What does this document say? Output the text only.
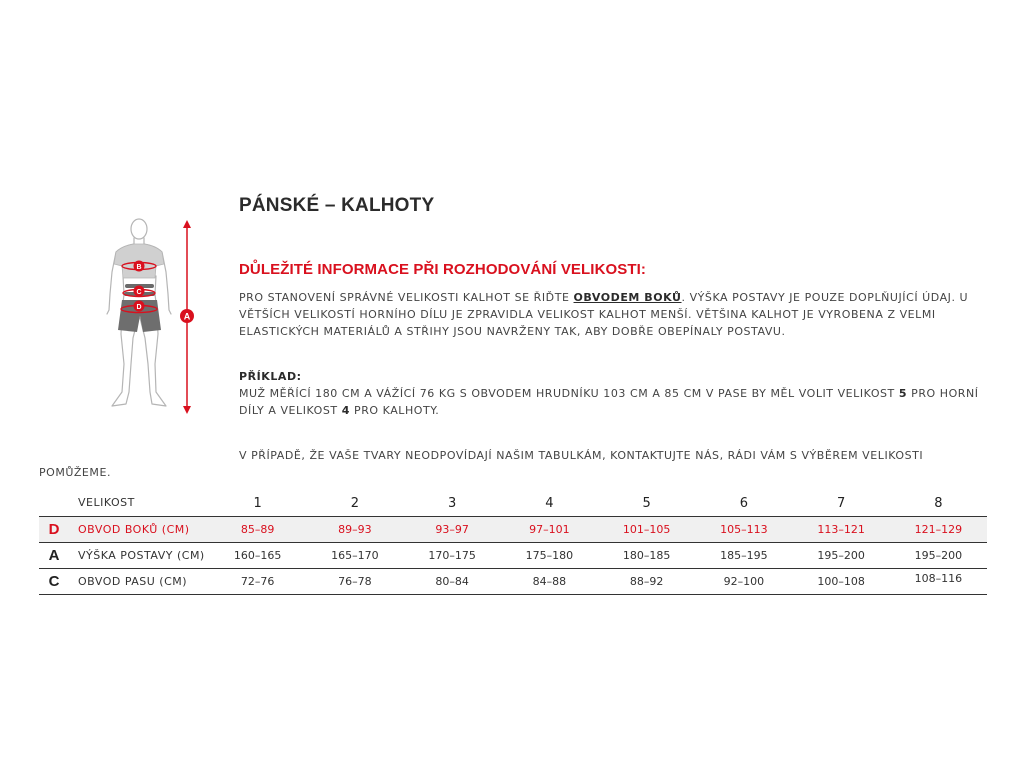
B
C
D
A
PÁNSKÉ – KALHOTY
DŮLEŽITÉ INFORMACE PŘI ROZHODOVÁNÍ VELIKOSTI:
PRO STANOVENÍ SPRÁVNÉ VELIKOSTI KALHOT SE ŘIĎTE OBVODEM BOKŮ. VÝŠKA POSTAVY JE POUZE DOPLŇUJÍCÍ ÚDAJ. U VĚTŠÍCH VELIKOSTÍ HORNÍHO DÍLU JE ZPRAVIDLA VELIKOST KALHOT MENŠÍ. VĚTŠINA KALHOT JE VYROBENA Z VELMI ELASTICKÝCH MATERIÁLŮ A STŘIHY JSOU NAVRŽENY TAK, ABY DOBŘE OBEPÍNALY POSTAVU.
PŘÍKLAD:
MUŽ MĚŘÍCÍ 180 CM A VÁŽÍCÍ 76 KG S OBVODEM HRUDNÍKU 103 CM A 85 CM V PASE BY MĚL VOLIT VELIKOST 5 PRO HORNÍ DÍLY A VELIKOST 4 PRO KALHOTY.
V PŘÍPADĚ, ŽE VAŠE TVARY NEODPOVÍDAJÍ NAŠIM TABULKÁM, KONTAKTUJTE NÁS, RÁDI VÁM S VÝBĚREM VELIKOSTI POMŮŽEME.
	VELIKOST	1	2	3	4	5	6	7	8
D	OBVOD BOKŮ (CM)	85–89	89–93	93–97	97–101	101–105	105–113	113–121	121–129
A	VÝŠKA POSTAVY (CM)	160–165	165–170	170–175	175–180	180–185	185–195	195–200	195–200
C	OBVOD PASU (CM)	72–76	76–78	80–84	84–88	88–92	92–100	100–108	108–116
